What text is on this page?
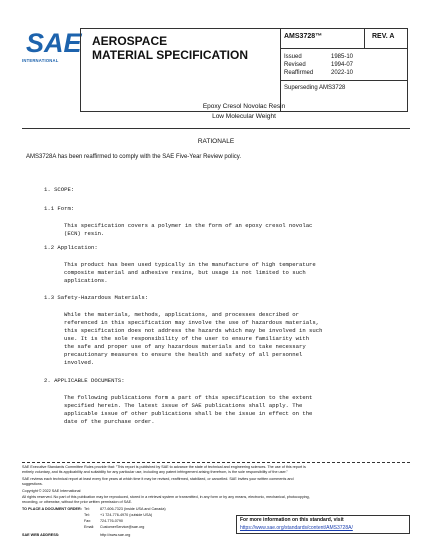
SAE
INTERNATIONAL
AEROSPACE
MATERIAL SPECIFICATION
AMS3728™	REV. A
Issued	1985-10
Revised	1994-07
Reaffirmed	2022-10
Superseding AMS3728
Epoxy Cresol Novolac Resin
Low Molecular Weight
RATIONALE
AMS3728A has been reaffirmed to comply with the SAE Five-Year Review policy.
1. SCOPE:
1.1 Form:
This specification covers a polymer in the form of an epoxy cresol novolac
(ECN) resin.
1.2 Application:
This product has been used typically in the manufacture of high temperature
composite material and adhesive resins, but usage is not limited to such
applications.
1.3 Safety-Hazardous Materials:
While the materials, methods, applications, and processes described or
referenced in this specification may involve the use of hazardous materials,
this specification does not address the hazards which may be involved in such
use. It is the sole responsibility of the user to ensure familiarity with
the safe and proper use of any hazardous materials and to take necessary
precautionary measures to ensure the health and safety of all personnel
involved.
2. APPLICABLE DOCUMENTS:
The following publications form a part of this specification to the extent
specified herein. The latest issue of SAE publications shall apply. The
applicable issue of other publications shall be the issue in effect on the
date of the purchase order.
SAE Executive Standards Committee Rules provide that: "This report is published by SAE to advance the state of technical and engineering sciences. The use of this report is
entirely voluntary, and its applicability and suitability for any particular use, including any patent infringement arising therefrom, is the sole responsibility of the user."
SAE reviews each technical report at least every five years at which time it may be revised, reaffirmed, stabilized, or cancelled. SAE invites your written comments and
suggestions.
Copyright © 2022 SAE International
All rights reserved. No part of this publication may be reproduced, stored in a retrieval system or transmitted, in any form or by any means, electronic, mechanical, photocopying,
recording, or otherwise, without the prior written permission of SAE.
TO PLACE A DOCUMENT ORDER: Tel:	877-606-7323 (inside USA and Canada)
Tel:	+1 724-776-4970 (outside USA)
Fax: 724-776-0790
Email: CustomerService@sae.org
SAE WEB ADDRESS:	http://www.sae.org
For more information on this standard, visit
https://www.sae.org/standards/content/AMS3728A/
